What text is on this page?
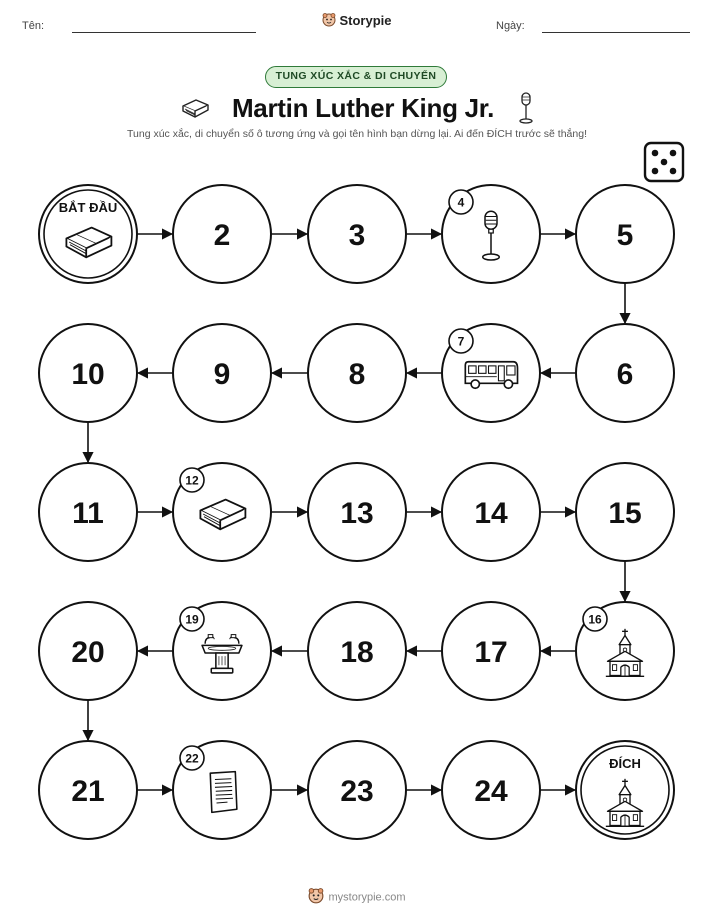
Tên:	Storypie	Ngày:
TUNG XÚC XẮC & DI CHUYỂN
Martin Luther King Jr.
Tung xúc xắc, di chuyển số ô tương ứng và gọi tên hình bạn dừng lại. Ai đến ĐÍCH trước sẽ thắng!
BẮT ĐẦU
2	3
4
5
6
7
8
9
10
11
12
13	14	15
16
17
18
19
20
21
22
23	24
ĐÍCH
mystorypie.com
